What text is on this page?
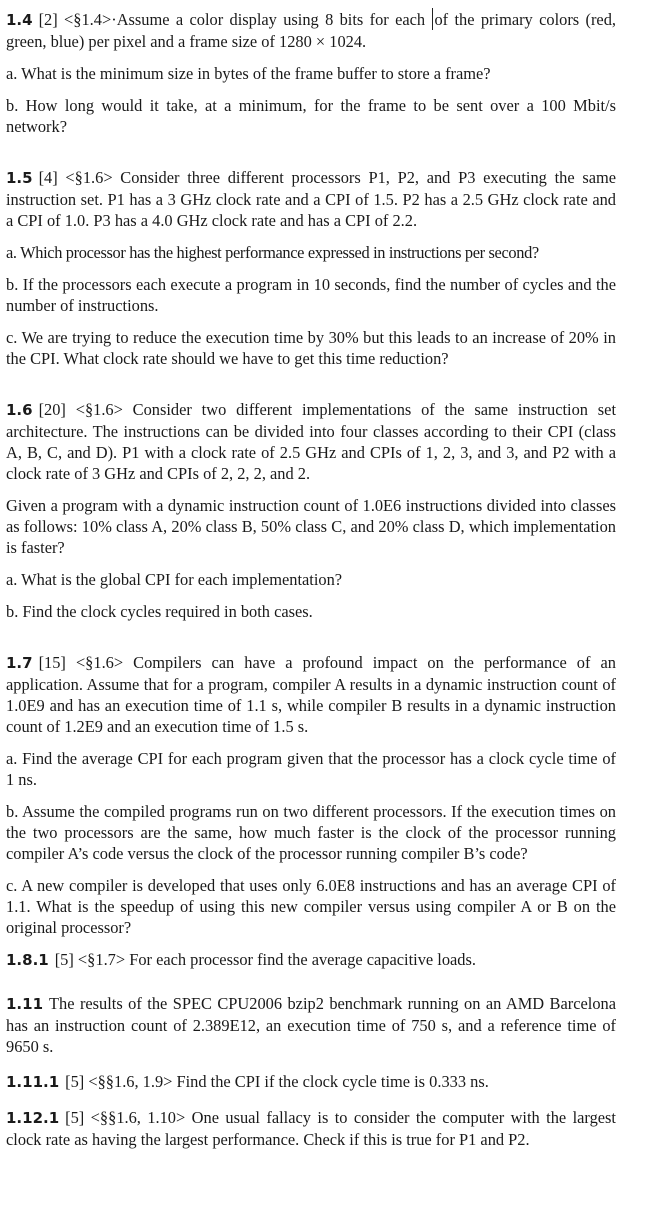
1.4 [2] <§1.4>·Assume a color display using 8 bits for each of the primary colors (red, green, blue) per pixel and a frame size of 1280 × 1024.

a. What is the minimum size in bytes of the frame buffer to store a frame?

b. How long would it take, at a minimum, for the frame to be sent over a 100 Mbit/s network?

1.5 [4] <§1.6> Consider three different processors P1, P2, and P3 executing the same instruction set. P1 has a 3 GHz clock rate and a CPI of 1.5. P2 has a 2.5 GHz clock rate and a CPI of 1.0. P3 has a 4.0 GHz clock rate and has a CPI of 2.2.

a. Which processor has the highest performance expressed in instructions per second?

b. If the processors each execute a program in 10 seconds, find the number of cycles and the number of instructions.

c. We are trying to reduce the execution time by 30% but this leads to an increase of 20% in the CPI. What clock rate should we have to get this time reduction?

1.6 [20] <§1.6> Consider two different implementations of the same instruction set architecture. The instructions can be divided into four classes according to their CPI (class A, B, C, and D). P1 with a clock rate of 2.5 GHz and CPIs of 1, 2, 3, and 3, and P2 with a clock rate of 3 GHz and CPIs of 2, 2, 2, and 2.

Given a program with a dynamic instruction count of 1.0E6 instructions divided into classes as follows: 10% class A, 20% class B, 50% class C, and 20% class D, which implementation is faster?

a. What is the global CPI for each implementation?

b. Find the clock cycles required in both cases.

1.7 [15] <§1.6> Compilers can have a profound impact on the performance of an application. Assume that for a program, compiler A results in a dynamic instruction count of 1.0E9 and has an execution time of 1.1 s, while compiler B results in a dynamic instruction count of 1.2E9 and an execution time of 1.5 s.

a. Find the average CPI for each program given that the processor has a clock cycle time of 1 ns.

b. Assume the compiled programs run on two different processors. If the execution times on the two processors are the same, how much faster is the clock of the processor running compiler A’s code versus the clock of the processor running compiler B’s code?

c. A new compiler is developed that uses only 6.0E8 instructions and has an average CPI of 1.1. What is the speedup of using this new compiler versus using compiler A or B on the original processor?

1.8.1 [5] <§1.7> For each processor find the average capacitive loads.

1.11 The results of the SPEC CPU2006 bzip2 benchmark running on an AMD Barcelona has an instruction count of 2.389E12, an execution time of 750 s, and a reference time of 9650 s.

1.11.1 [5] <§§1.6, 1.9> Find the CPI if the clock cycle time is 0.333 ns.

1.12.1 [5] <§§1.6, 1.10> One usual fallacy is to consider the computer with the largest clock rate as having the largest performance. Check if this is true for P1 and P2.
